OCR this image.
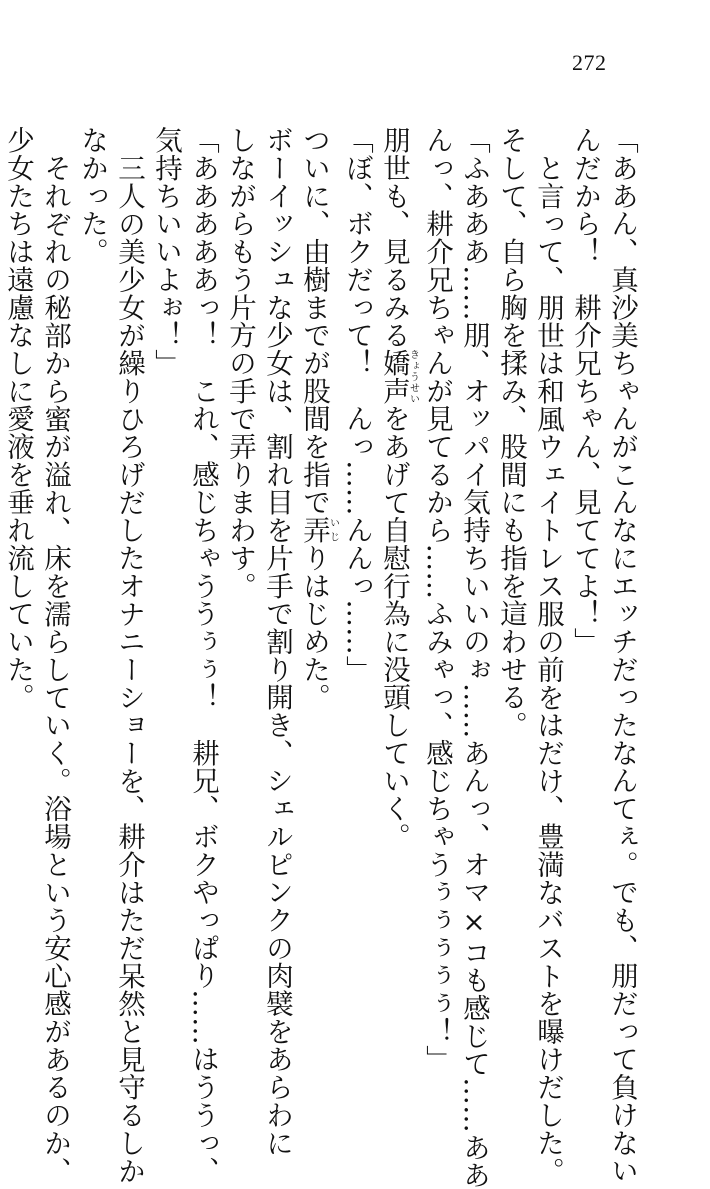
272
「ああん、真沙美ちゃんがこんなにエッチだったなんてぇ。でも、朋だって負けない
んだから！　耕介兄ちゃん、見ててよ！」
と言って、朋世は和風ウェイトレス服の前をはだけ、豊満なバストを曝けだした。
そして、自ら胸を揉み、股間にも指を這わせる。
「ふあああ……朋、オッパイ気持ちいいのぉ……あんっ、オマ×コも感じて……ああ
んっ、耕介兄ちゃんが見てるから……ふみゃっ、感じちゃうぅぅぅぅぅ！」
朋世も、見るみる嬌声きょうせいをあげて自慰行為に没頭していく。
「ぼ、ボクだって！　んっ……んんっ……」
ついに、由樹までが股間を指で弄いじりはじめた。
ボーイッシュな少女は、割れ目を片手で割り開き、シェルピンクの肉襞をあらわに
しながらもう片方の手で弄りまわす。
「あああああっ！　これ、感じちゃううぅぅ！　耕兄、ボクやっぱり……はううっ、
気持ちいいよぉ！」
三人の美少女が繰りひろげだしたオナニーショーを、耕介はただ呆然と見守るしか
なかった。
それぞれの秘部から蜜が溢れ、床を濡らしていく。浴場という安心感があるのか、
少女たちは遠慮なしに愛液を垂れ流していた。
